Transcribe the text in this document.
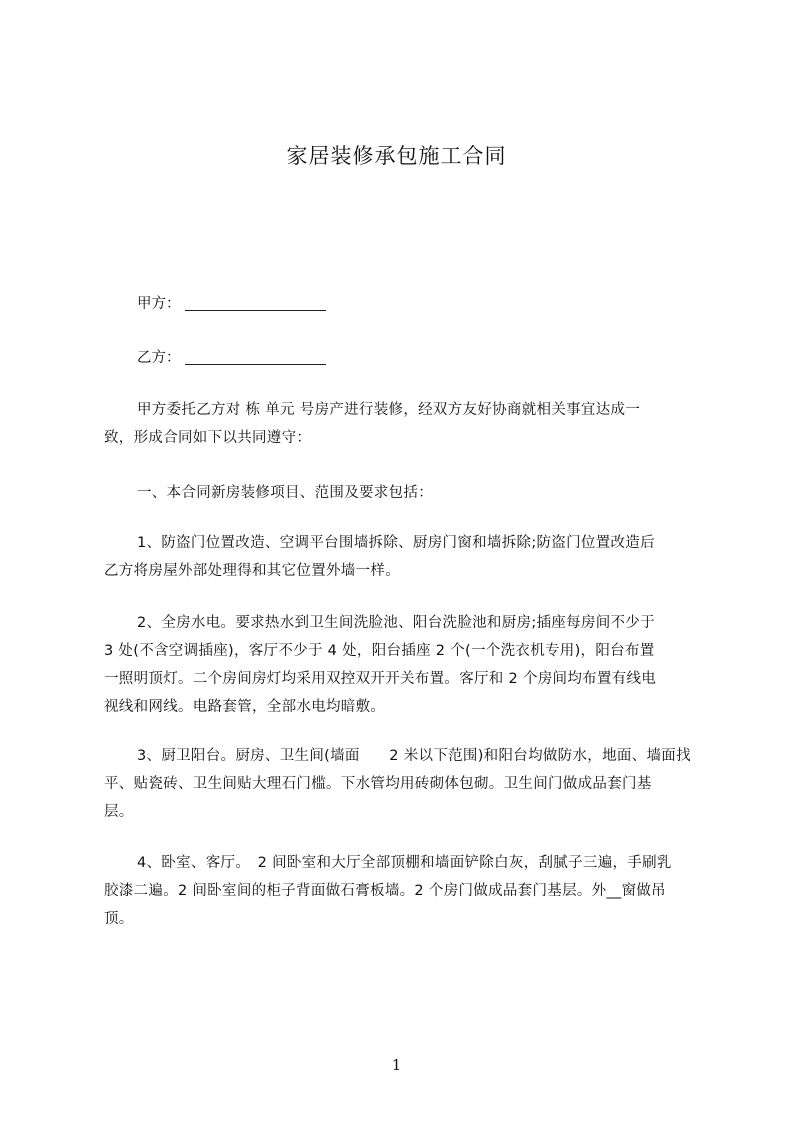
家居装修承包施工合同
甲方：
乙方：
甲方委托乙方对 栋 单元 号房产进行装修，经双方友好协商就相关事宜达成一
致，形成合同如下以共同遵守：
一、本合同新房装修项目、范围及要求包括：
1、防盗门位置改造、空调平台围墙拆除、厨房门窗和墙拆除;防盗门位置改造后
乙方将房屋外部处理得和其它位置外墙一样。
2、全房水电。要求热水到卫生间洗脸池、阳台洗脸池和厨房;插座每房间不少于
3 处(不含空调插座)，客厅不少于 4 处，阳台插座 2 个(一个洗衣机专用)，阳台布置
一照明顶灯。二个房间房灯均采用双控双开开关布置。客厅和 2 个房间均布置有线电
视线和网线。电路套管，全部水电均暗敷。
3、厨卫阳台。厨房、卫生间(墙面　　2 米以下范围)和阳台均做防水，地面、墙面找
平、贴瓷砖、卫生间贴大理石门槛。下水管均用砖砌体包砌。卫生间门做成品套门基
层。
4、卧室、客厅。　2 间卧室和大厅全部顶棚和墙面铲除白灰，刮腻子三遍，手刷乳
胶漆二遍。2 间卧室间的柜子背面做石膏板墙。2 个房门做成品套门基层。外__窗做吊
顶。
1
